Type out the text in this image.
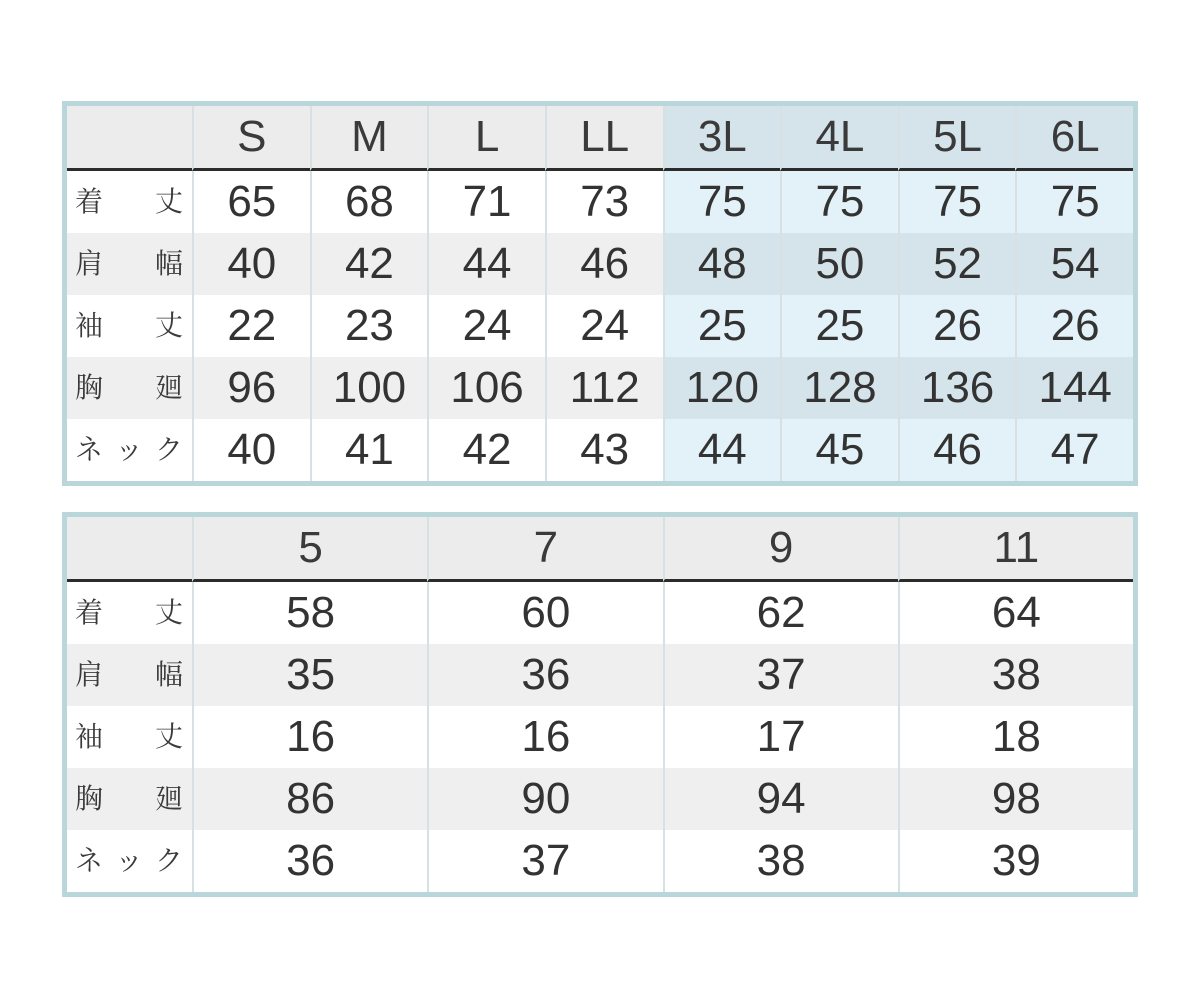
	S	M	L	LL	3L	4L	5L	6L

着 丈	65	68	71	73	75	75	75	75

肩 幅	40	42	44	46	48	50	52	54

袖 丈	22	23	24	24	25	25	26	26

胸 廻	96	100	106	112	120	128	136	144

ネ ッ ク	40	41	42	43	44	45	46	47
	5	7	9	11

着 丈	58	60	62	64

肩 幅	35	36	37	38

袖 丈	16	16	17	18

胸 廻	86	90	94	98

ネ ッ ク	36	37	38	39
